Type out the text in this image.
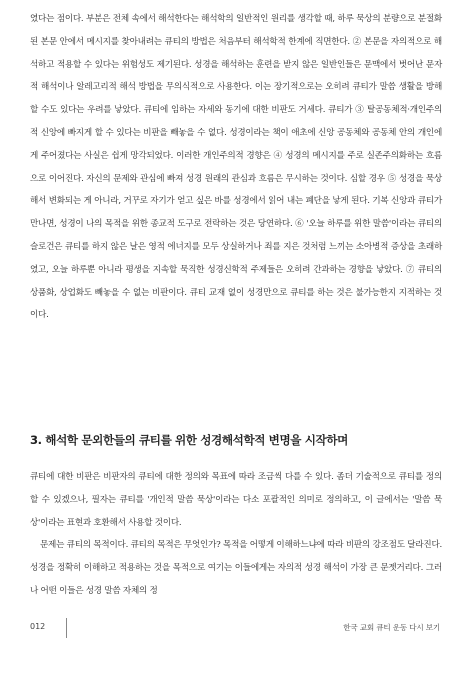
였다는 점이다. 부분은 전체 속에서 해석한다는 해석학의 일반적인 원리를 생각할 때, 하루 묵상의 분량으로 분절화된 본문 안에서 메시지를 찾아내려는 큐티의 방법은 처음부터 해석학적 한계에 직면한다. ② 본문을 자의적으로 해석하고 적용할 수 있다는 위험성도 제기된다. 성경을 해석하는 훈련을 받지 않은 일반인들은 문맥에서 벗어난 문자적 해석이나 알레고리적 해석 방법을 무의식적으로 사용한다. 이는 장기적으로는 오히려 큐티가 말씀 생활을 방해할 수도 있다는 우려를 낳았다. 큐티에 임하는 자세와 동기에 대한 비판도 거세다. 큐티가 ③ 탈공동체적·개인주의적 신앙에 빠지게 할 수 있다는 비판을 빼놓을 수 없다. 성경이라는 책이 애초에 신앙 공동체와 공동체 안의 개인에게 주어졌다는 사실은 쉽게 망각되었다. 이러한 개인주의적 경향은 ④ 성경의 메시지를 주로 실존주의화하는 흐름으로 이어진다. 자신의 문제와 관심에 빠져 성경 원래의 관심과 흐름은 무시하는 것이다. 심할 경우 ⑤ 성경을 묵상해서 변화되는 게 아니라, 거꾸로 자기가 얻고 싶은 바를 성경에서 읽어 내는 폐단을 낳게 된다. 기복 신앙과 큐티가 만나면, 성경이 나의 목적을 위한 종교적 도구로 전락하는 것은 당연하다. ⑥ '오늘 하루를 위한 말씀'이라는 큐티의 슬로건은 큐티를 하지 않은 날은 영적 에너지를 모두 상실하거나 죄를 지은 것처럼 느끼는 소아병적 증상을 초래하였고, 오늘 하루뿐 아니라 평생을 지속할 묵직한 성경신학적 주제들은 오히려 간과하는 경향을 낳았다. ⑦ 큐티의 상품화, 상업화도 빼놓을 수 없는 비판이다. 큐티 교재 없이 성경만으로 큐티를 하는 것은 불가능한지 지적하는 것이다.

3. 해석학 문외한들의 큐티를 위한 성경해석학적 변명을 시작하며
큐티에 대한 비판은 비판자의 큐티에 대한 정의와 목표에 따라 조금씩 다를 수 있다. 좀더 기술적으로 큐티를 정의할 수 있겠으나, 필자는 큐티를 '개인적 말씀 묵상'이라는 다소 포괄적인 의미로 정의하고, 이 글에서는 '말씀 묵상'이라는 표현과 호환해서 사용할 것이다.
문제는 큐티의 목적이다. 큐티의 목적은 무엇인가? 목적을 어떻게 이해하느냐에 따라 비판의 강조점도 달라진다. 성경을 정확히 이해하고 적용하는 것을 목적으로 여기는 이들에게는 자의적 성경 해석이 가장 큰 문젯거리다. 그러나 어떤 이들은 성경 말씀 자체의 정
012	한국 교회 큐티 운동 다시 보기
